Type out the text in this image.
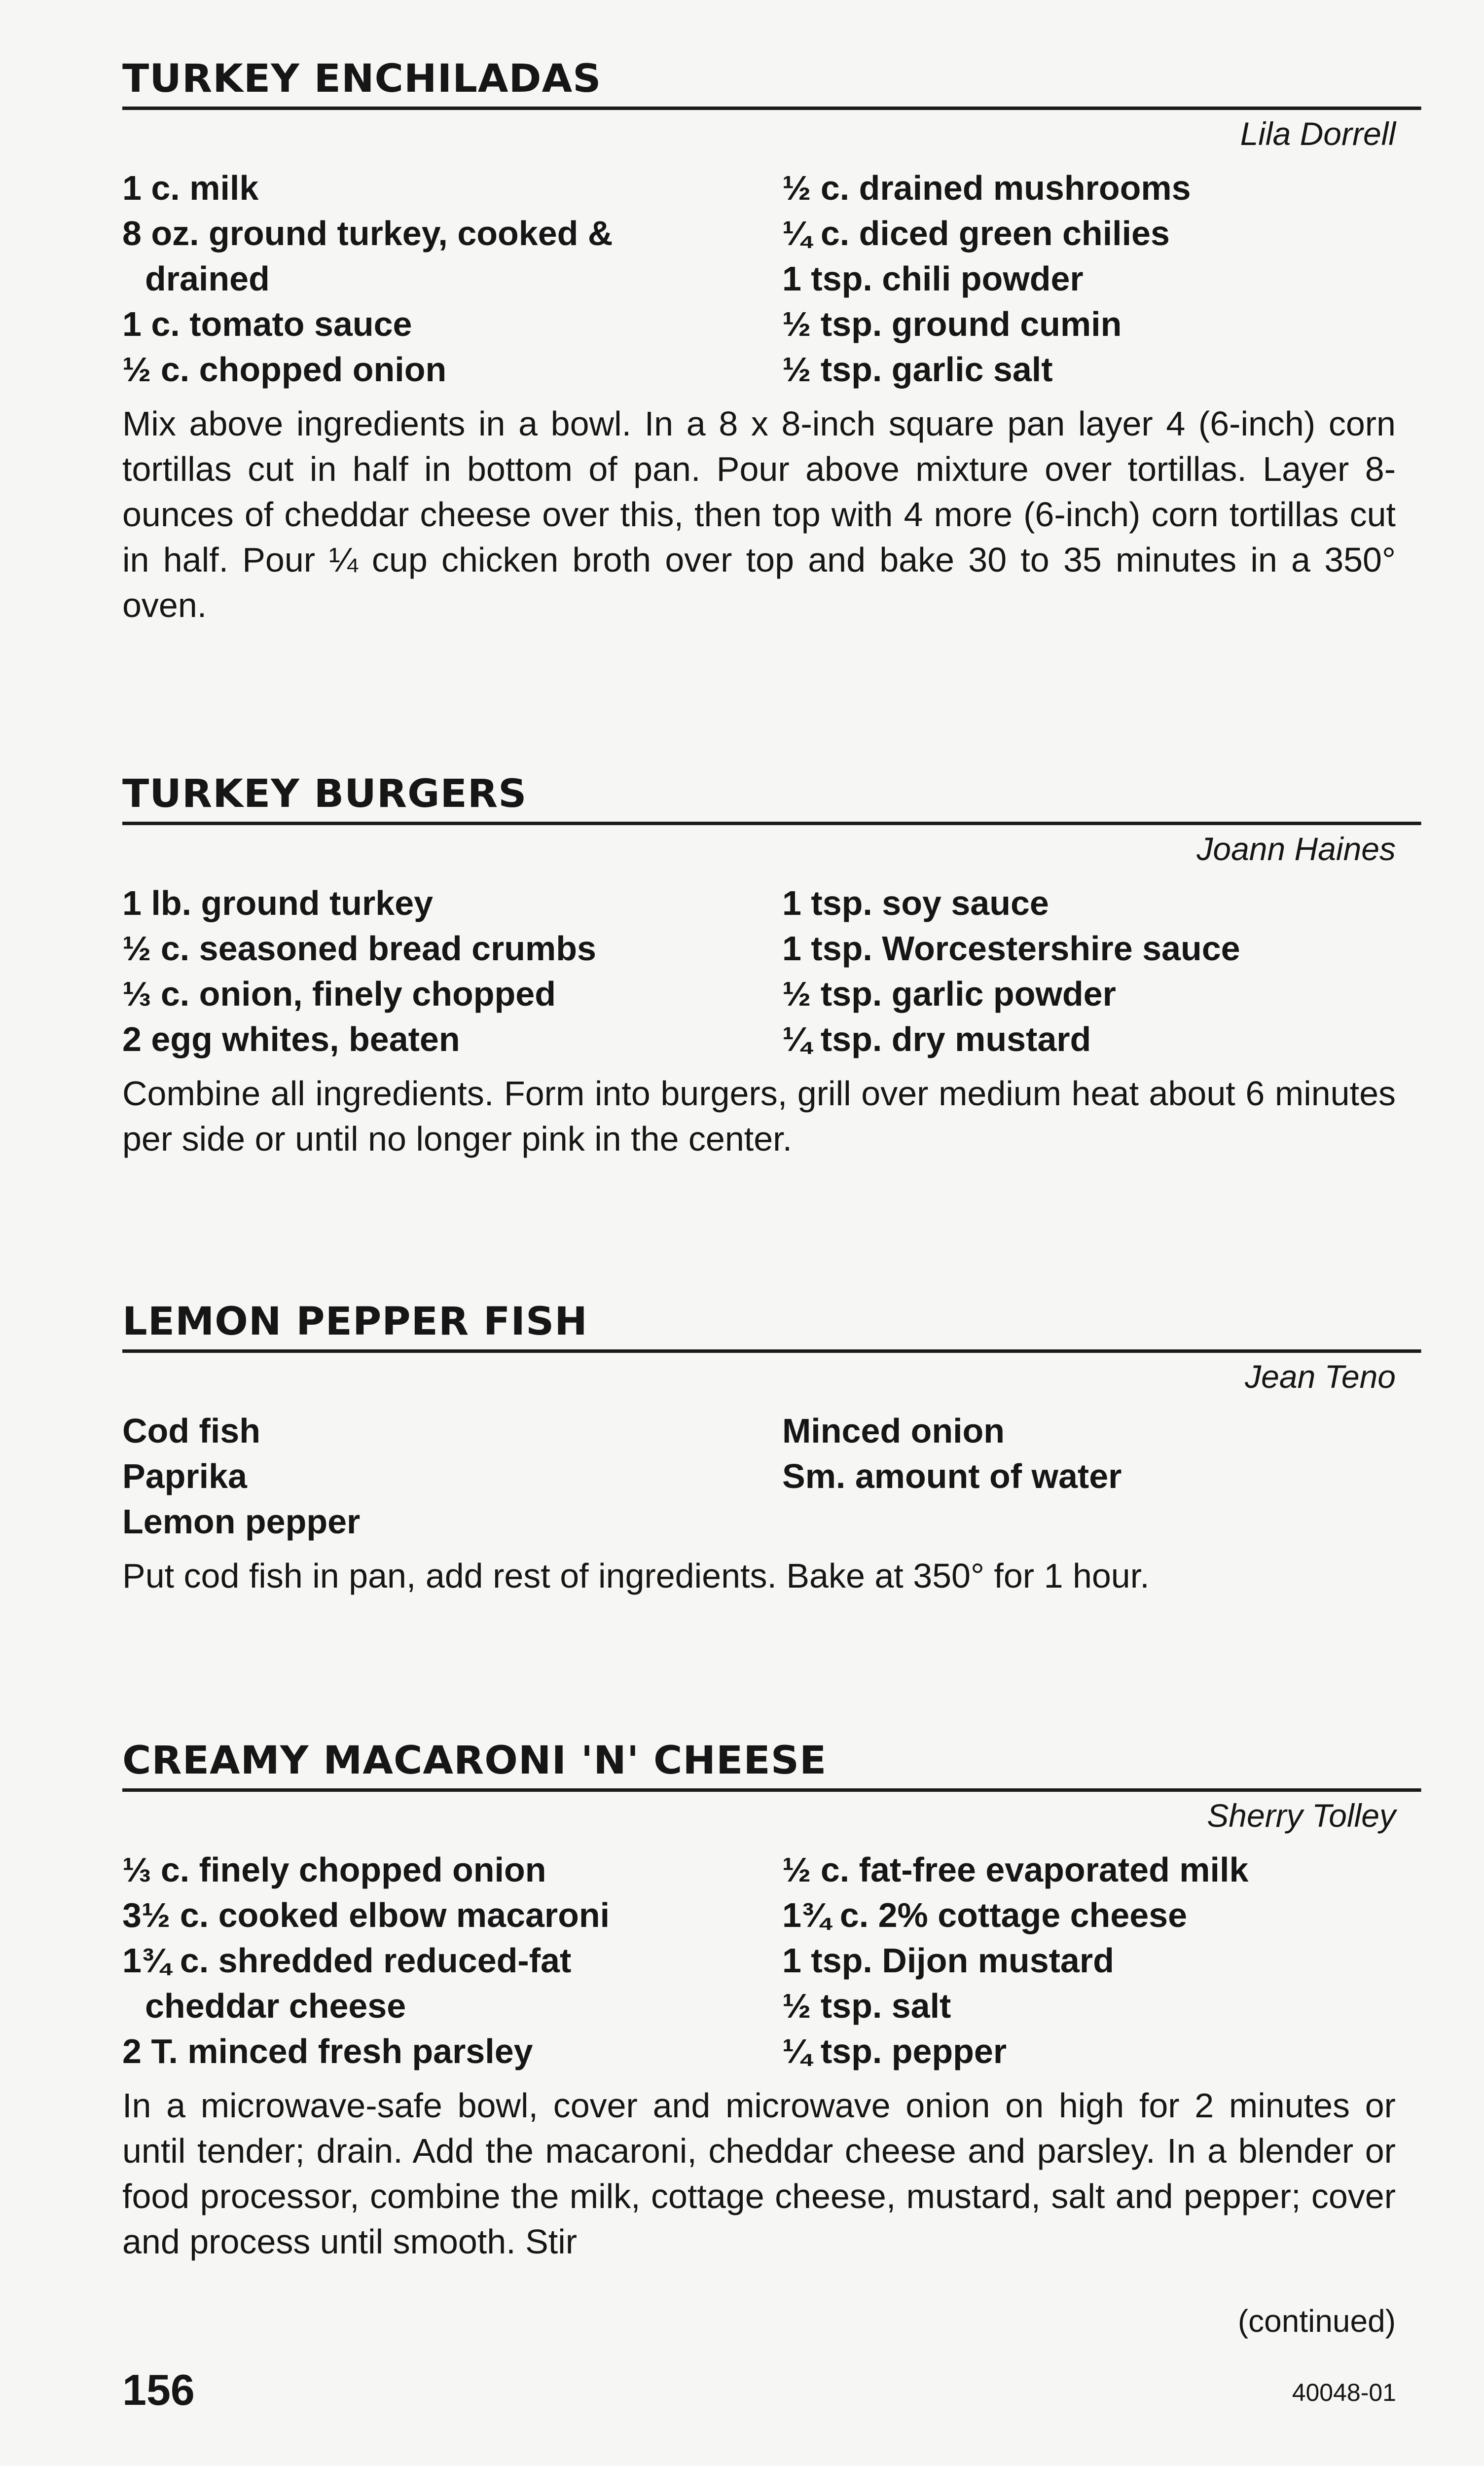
TURKEY ENCHILADAS
Lila Dorrell
1 c. milk
8 oz. ground turkey, cooked &
drained
1 c. tomato sauce
½ c. chopped onion
½ c. drained mushrooms
¼ c. diced green chilies
1 tsp. chili powder
½ tsp. ground cumin
½ tsp. garlic salt

Mix above ingredients in a bowl. In a 8 x 8-inch square pan layer 4 (6-inch) corn tortillas cut in half in bottom of pan. Pour above mixture over tortillas. Layer 8-ounces of cheddar cheese over this, then top with 4 more (6-inch) corn tortillas cut in half. Pour ¼ cup chicken broth over top and bake 30 to 35 minutes in a 350° oven.

TURKEY BURGERS
Joann Haines
1 lb. ground turkey
½ c. seasoned bread crumbs
⅓ c. onion, finely chopped
2 egg whites, beaten
1 tsp. soy sauce
1 tsp. Worcestershire sauce
½ tsp. garlic powder
¼ tsp. dry mustard

Combine all ingredients. Form into burgers, grill over medium heat about 6 minutes per side or until no longer pink in the center.

LEMON PEPPER FISH
Jean Teno
Cod fish
Paprika
Lemon pepper
Minced onion
Sm. amount of water

Put cod fish in pan, add rest of ingredients. Bake at 350° for 1 hour.

CREAMY MACARONI 'N' CHEESE
Sherry Tolley
⅓ c. finely chopped onion
3½ c. cooked elbow macaroni
1¾ c. shredded reduced-fat
cheddar cheese
2 T. minced fresh parsley
½ c. fat-free evaporated milk
1¾ c. 2% cottage cheese
1 tsp. Dijon mustard
½ tsp. salt
¼ tsp. pepper

In a microwave-safe bowl, cover and microwave onion on high for 2 minutes or until tender; drain. Add the macaroni, cheddar cheese and parsley. In a blender or food processor, combine the milk, cottage cheese, mustard, salt and pepper; cover and process until smooth. Stir

(continued)
156	40048-01
